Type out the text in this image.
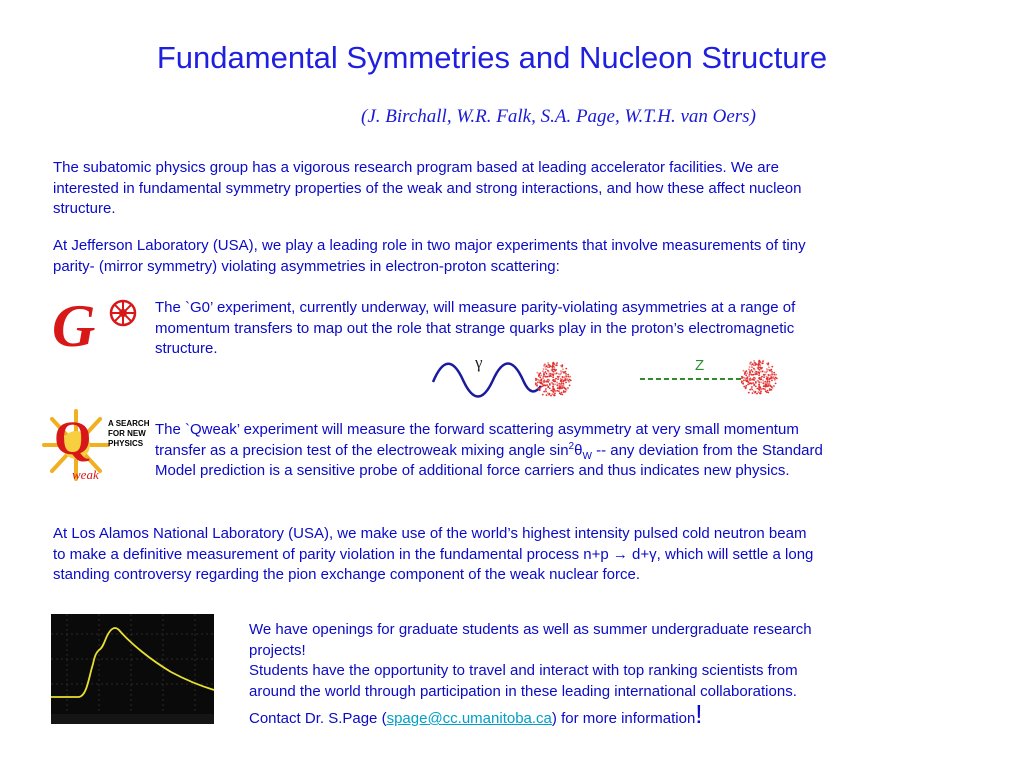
Fundamental Symmetries and Nucleon Structure
(J. Birchall, W.R. Falk, S.A. Page, W.T.H. van Oers)
The subatomic physics group has a vigorous research program based at leading accelerator facilities. We are
interested in fundamental symmetry properties of the weak and strong interactions, and how these affect nucleon
structure.
At Jefferson Laboratory (USA), we play a leading role in two major experiments that involve measurements of tiny
parity- (mirror symmetry) violating asymmetries in electron-proton scattering:
G	The `G0’ experiment, currently underway, will measure parity-violating asymmetries at a range of
momentum transfers to map out the role that strange quarks play in the proton’s electromagnetic
structure.
γ	Z
Q
weak
A SEARCH
FOR NEW
PHYSICS
The `Qweak’ experiment will measure the forward scattering asymmetry at very small momentum
transfer as a precision test of the electroweak mixing angle $\sin^2\theta_W$ -- any deviation from the Standard
Model prediction is a sensitive probe of additional force carriers and thus indicates new physics.
At Los Alamos National Laboratory (USA), we make use of the world’s highest intensity pulsed cold neutron beam
to make a definitive measurement of parity violation in the fundamental process n+p → d+γ, which will settle a long
standing controversy regarding the pion exchange component of the weak nuclear force.
We have openings for graduate students as well as summer undergraduate research
projects!
Students have the opportunity to travel and interact with top ranking scientists from
around the world through participation in these leading international collaborations.
Contact Dr. S.Page (spage@cc.umanitoba.ca) for more information!
